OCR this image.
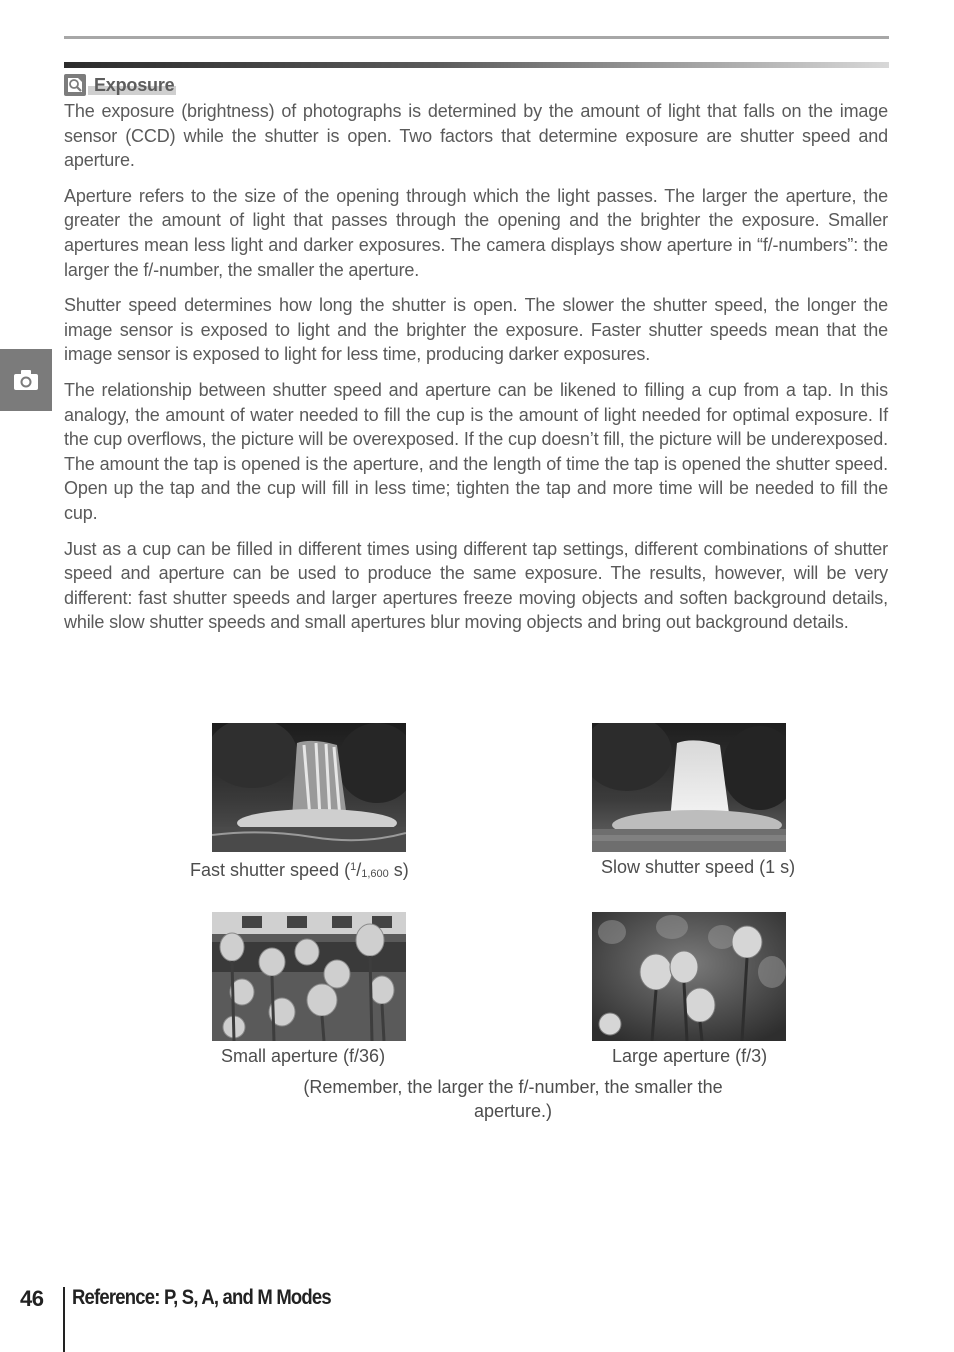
Exposure

The exposure (brightness) of photographs is determined by the amount of light that falls on the image sensor (CCD) while the shutter is open. Two factors that determine exposure are shutter speed and aperture.

Aperture refers to the size of the opening through which the light passes. The larger the aperture, the greater the amount of light that passes through the opening and the brighter the exposure. Smaller apertures mean less light and darker exposures. The camera displays show aperture in “f/-numbers”: the larger the f/-number, the smaller the aperture.

Shutter speed determines how long the shutter is open. The slower the shutter speed, the longer the image sensor is exposed to light and the brighter the exposure. Faster shutter speeds mean that the image sensor is exposed to light for less time, producing darker exposures.

The relationship between shutter speed and aperture can be likened to filling a cup from a tap. In this analogy, the amount of water needed to fill the cup is the amount of light needed for optimal exposure. If the cup overflows, the picture will be overexposed. If the cup doesn’t fill, the picture will be underexposed. The amount the tap is opened is the aperture, and the length of time the tap is opened the shutter speed. Open up the tap and the cup will fill in less time; tighten the tap and more time will be needed to fill the cup.

Just as a cup can be filled in different times using different tap settings, different combinations of shutter speed and aperture can be used to produce the same exposure. The results, however, will be very different: fast shutter speeds and larger apertures freeze moving objects and soften background details, while slow shutter speeds and small apertures blur moving objects and bring out background details.

Fast shutter speed ($^1/_{1,600}$ s)	Slow shutter speed (1 s)
Small aperture (f/36)	Large aperture (f/3)
(Remember, the larger the f/-number, the smaller the aperture.)
46 Reference: P, S, A, and M Modes
